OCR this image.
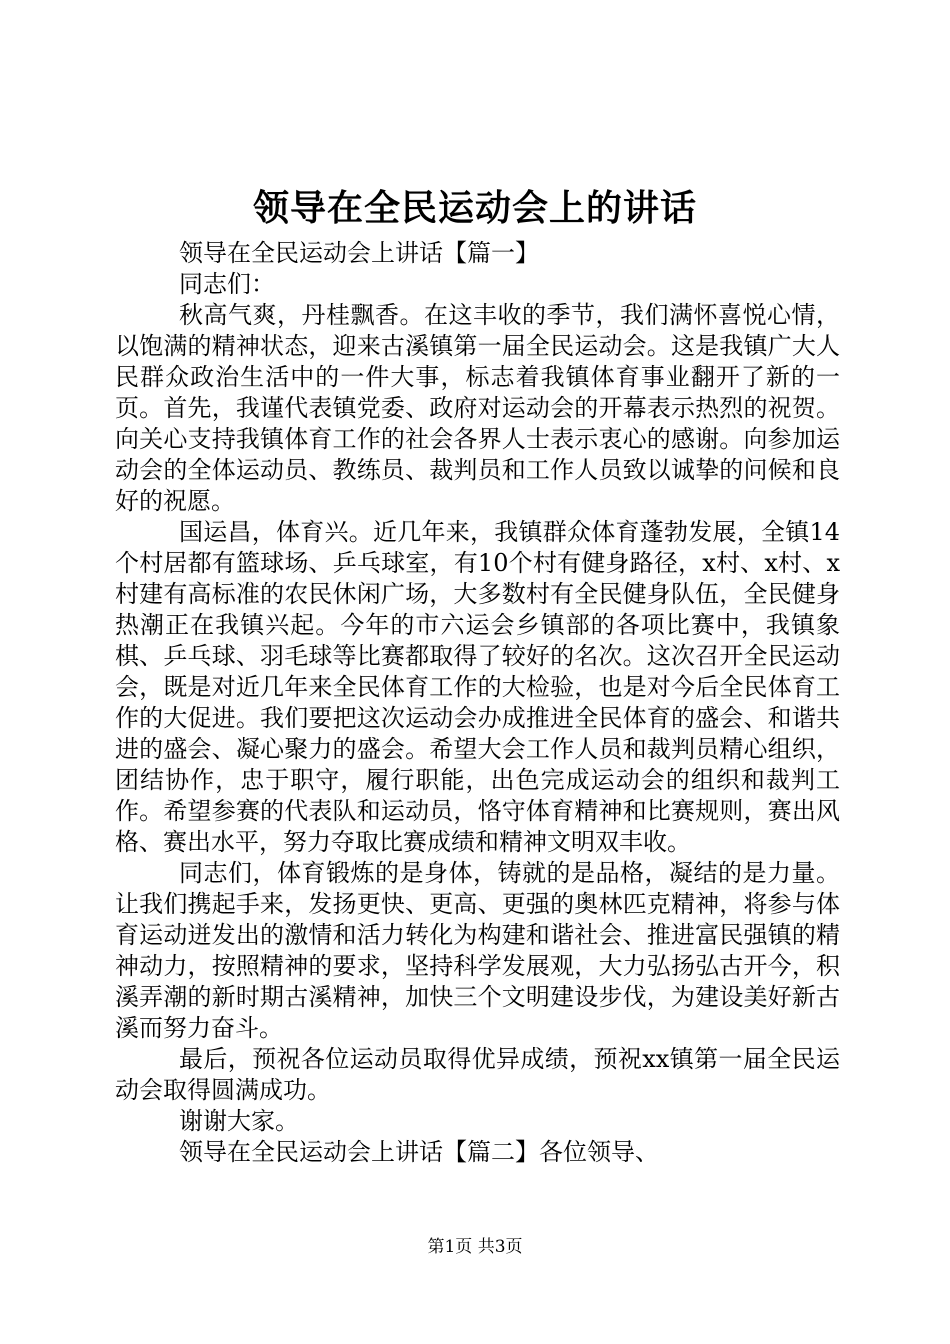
领导在全民运动会上的讲话

领导在全民运动会上讲话【篇一】

同志们：

秋高气爽，丹桂飘香。在这丰收的季节，我们满怀喜悦心情，以饱满的精神状态，迎来古溪镇第一届全民运动会。这是我镇广大人民群众政治生活中的一件大事，标志着我镇体育事业翻开了新的一页。首先，我谨代表镇党委、政府对运动会的开幕表示热烈的祝贺。向关心支持我镇体育工作的社会各界人士表示衷心的感谢。向参加运动会的全体运动员、教练员、裁判员和工作人员致以诚挚的问候和良好的祝愿。

国运昌，体育兴。近几年来，我镇群众体育蓬勃发展，全镇14个村居都有篮球场、乒乓球室，有10个村有健身路径，x村、x村、x村建有高标准的农民休闲广场，大多数村有全民健身队伍，全民健身热潮正在我镇兴起。今年的市六运会乡镇部的各项比赛中，我镇象棋、乒乓球、羽毛球等比赛都取得了较好的名次。这次召开全民运动会，既是对近几年来全民体育工作的大检验，也是对今后全民体育工作的大促进。我们要把这次运动会办成推进全民体育的盛会、和谐共进的盛会、凝心聚力的盛会。希望大会工作人员和裁判员精心组织，团结协作，忠于职守，履行职能，出色完成运动会的组织和裁判工作。希望参赛的代表队和运动员，恪守体育精神和比赛规则，赛出风格、赛出水平，努力夺取比赛成绩和精神文明双丰收。

同志们，体育锻炼的是身体，铸就的是品格，凝结的是力量。让我们携起手来，发扬更快、更高、更强的奥林匹克精神，将参与体育运动迸发出的激情和活力转化为构建和谐社会、推进富民强镇的精神动力，按照精神的要求，坚持科学发展观，大力弘扬弘古开今，积溪弄潮的新时期古溪精神，加快三个文明建设步伐，为建设美好新古溪而努力奋斗。

最后，预祝各位运动员取得优异成绩，预祝xx镇第一届全民运动会取得圆满成功。

谢谢大家。

领导在全民运动会上讲话【篇二】各位领导、

第1页 共3页
